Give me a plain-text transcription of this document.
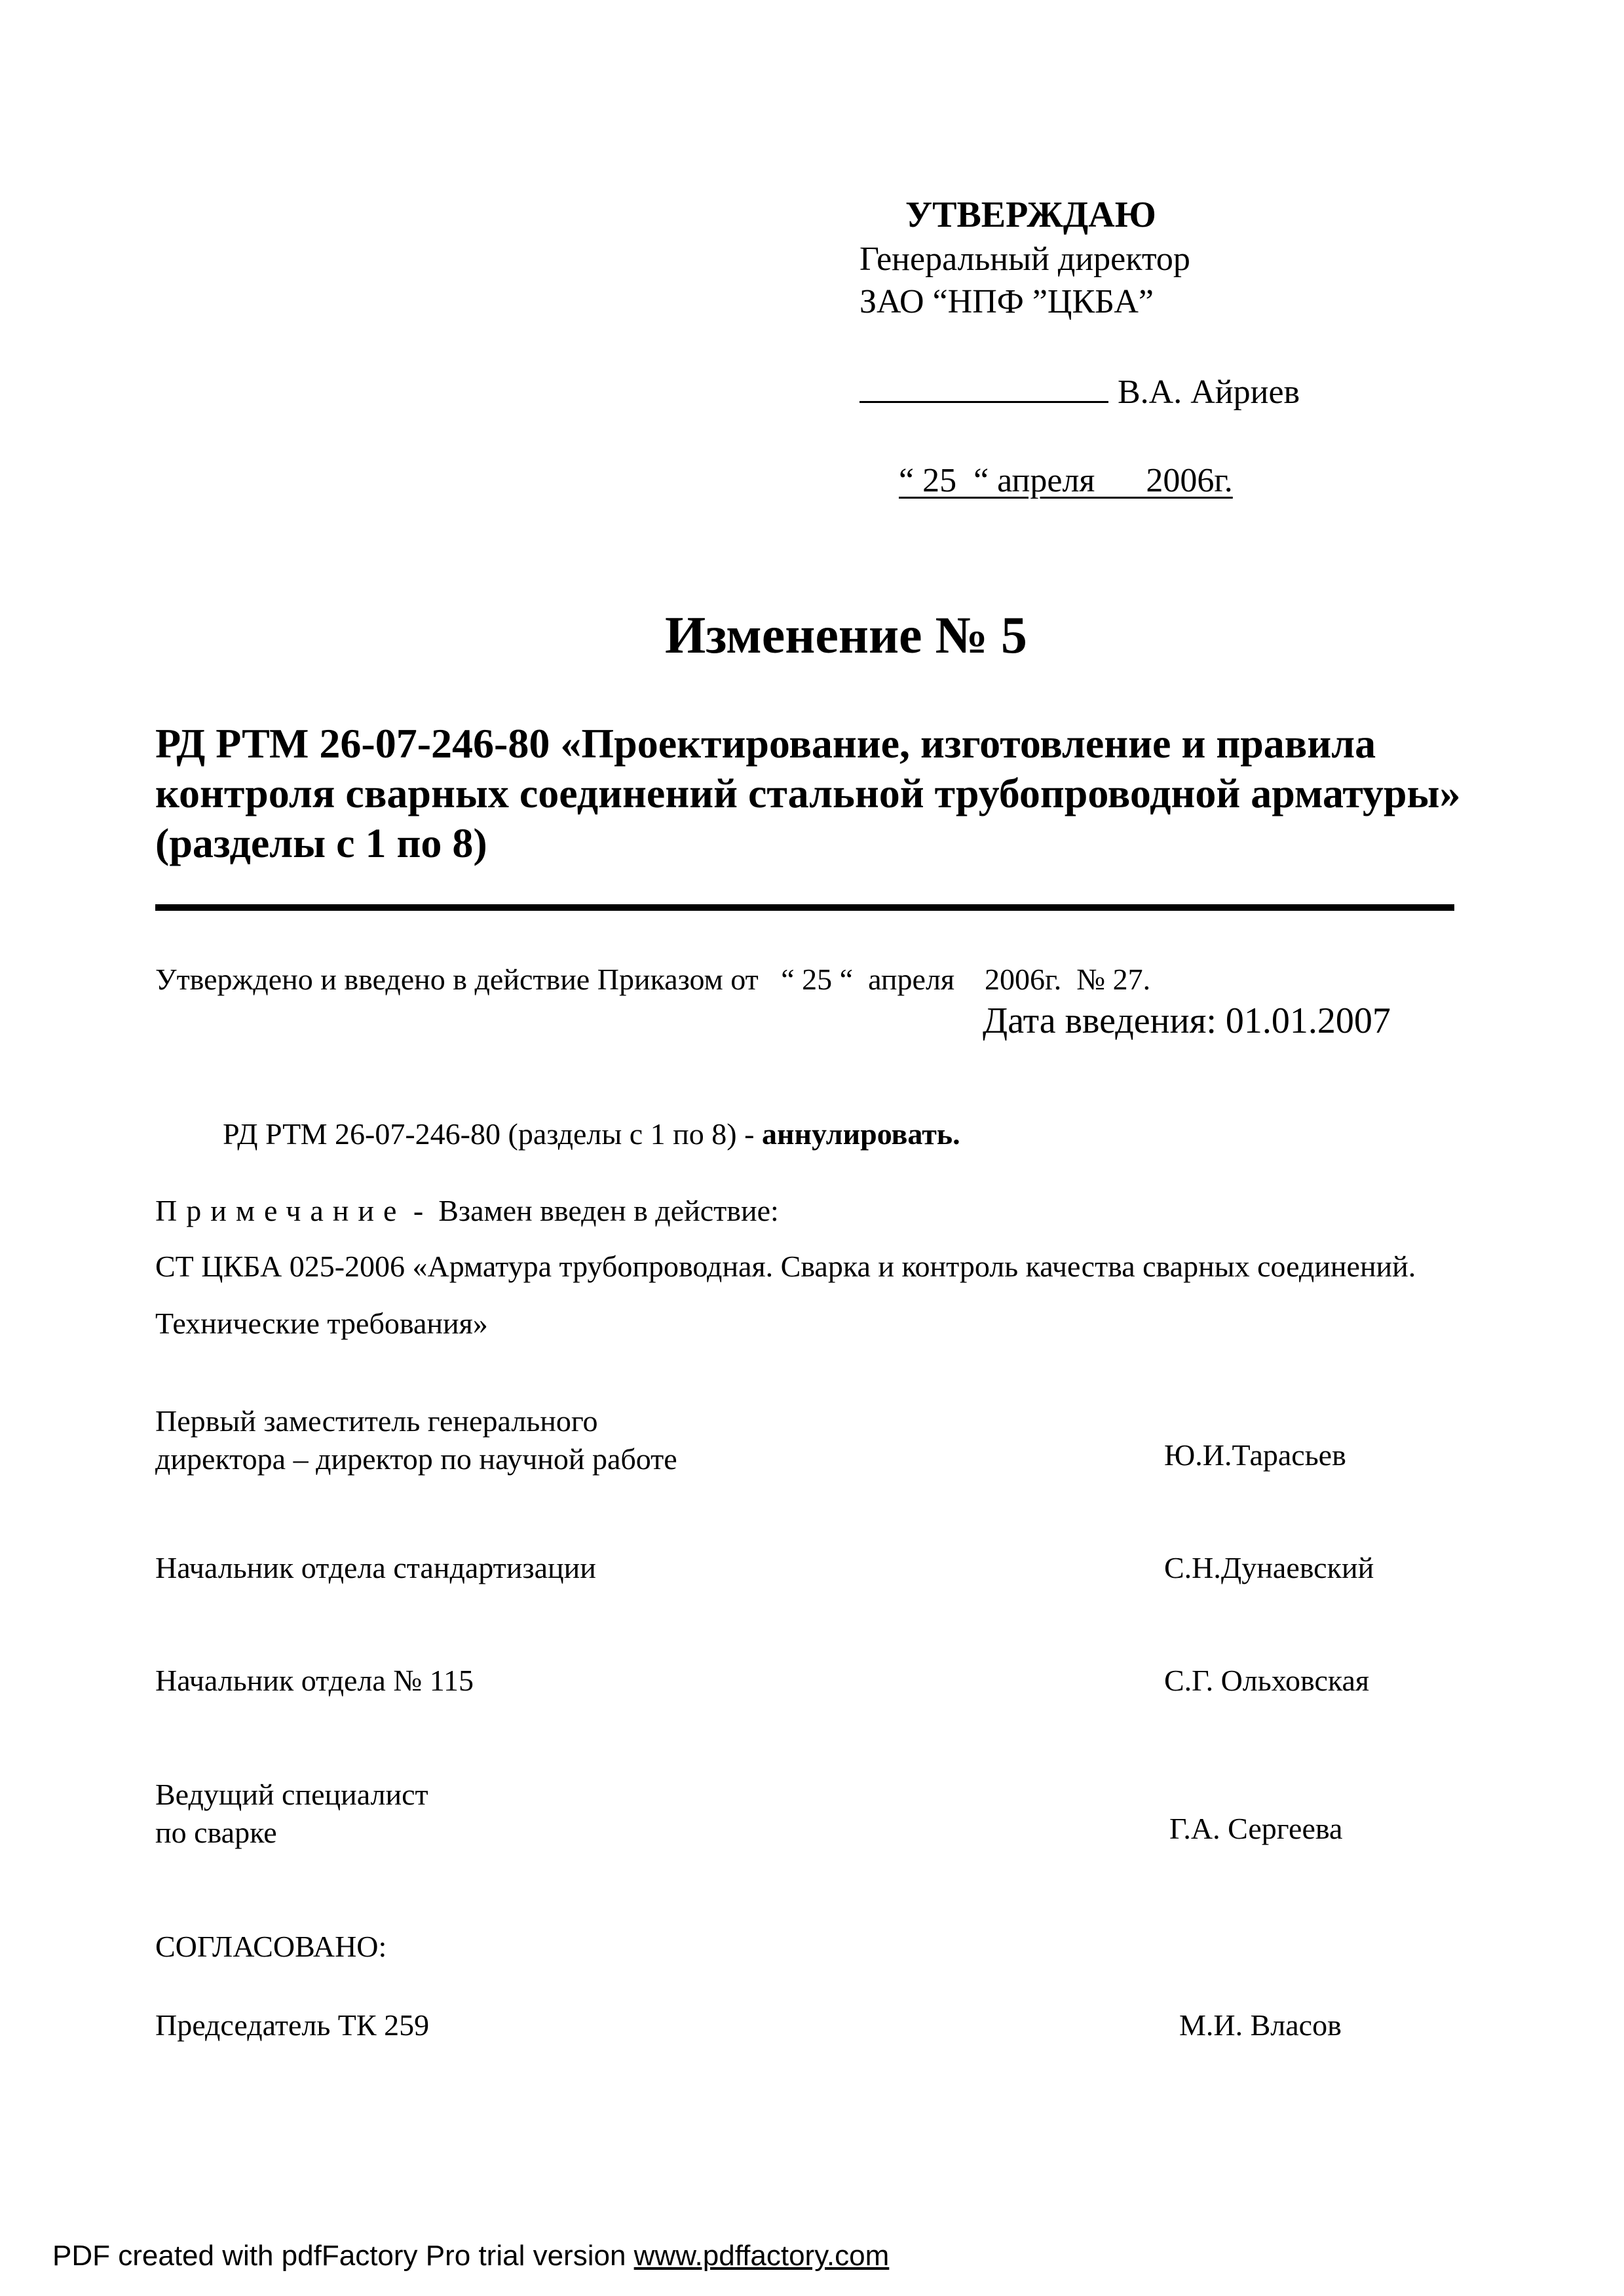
УТВЕРЖДАЮ
Генеральный директор
ЗАО “НПФ ”ЦКБА”
В.А. Айриев
“ 25  “ апреля      2006г.
Изменение № 5
РД РТМ 26-07-246-80 «Проектирование, изготовление и правила
контроля сварных соединений стальной трубопроводной арматуры»
(разделы с 1 по 8)
Утверждено и введено в действие Приказом от   “ 25 “  апреля    2006г.  № 27.
Дата введения: 01.01.2007
РД РТМ 26-07-246-80 (разделы с 1 по 8) - аннулировать.
Примечание -  Взамен введен в действие:
СТ ЦКБА 025-2006 «Арматура трубопроводная. Сварка и контроль качества сварных соединений.
Технические требования»
Первый заместитель генерального
директора – директор по научной работе	Ю.И.Тарасьев
Начальник отдела стандартизации	С.Н.Дунаевский
Начальник отдела № 115	С.Г. Ольховская
Ведущий специалист
по сварке	Г.А. Сергеева
СОГЛАСОВАНО:
Председатель ТК 259	М.И. Власов
PDF created with pdfFactory Pro trial version www.pdffactory.com
